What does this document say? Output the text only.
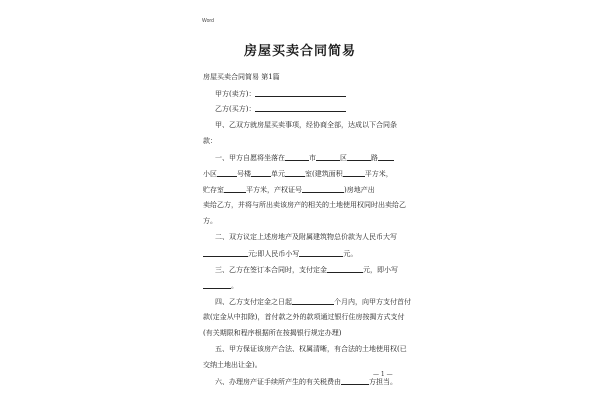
Word
房屋买卖合同简易
房屋买卖合同简易 第1篇
甲方(卖方)：
乙方(买方)：
甲、乙双方就房屋买卖事项，经协商全部，达成以下合同条
款：
一、甲方自愿将坐落在	市	区	路
小区	号楼	单元	室(建筑面积	平方米，
贮存室	平方米，产权证号	)房地产出
卖给乙方，并将与所出卖该房产的相关的土地使用权同时出卖给乙
方。
二、双方议定上述房地产及附属建筑物总价款为人民币大写
元;即人民币小写	元。
三、乙方在签订本合同时，支付定金	元，即小写
。
四、乙方支付定金之日起	个月内，向甲方支付首付
款(定金从中扣除)，首付款之外的款项通过银行住房按揭方式支付
(有关期限和程序根据所在按揭银行规定办理)
五、甲方保证该房产合法、权属清晰，有合法的土地使用权(已
交纳土地出让金)。
六、办理房产证手续所产生的有关税费由	方担当。
— 1 —
